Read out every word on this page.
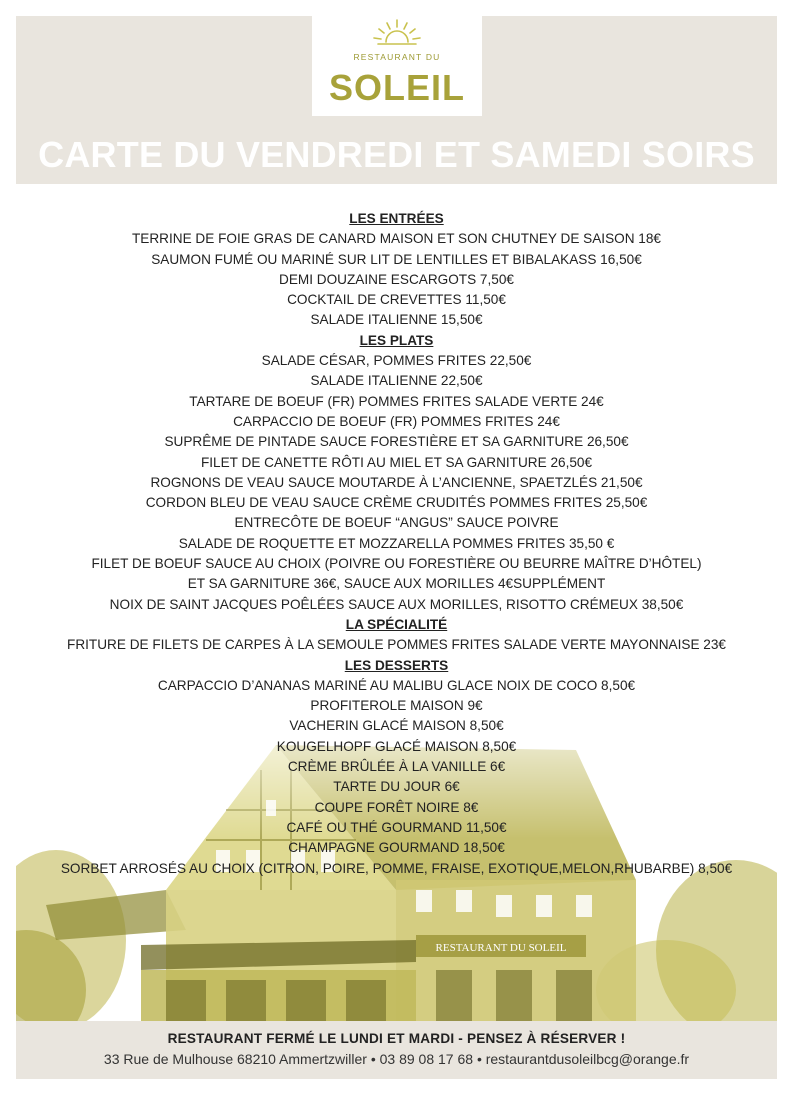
RESTAURANT DU
SOLEIL
CARTE DU VENDREDI ET SAMEDI SOIRS
LES ENTRÉES
TERRINE DE FOIE GRAS DE CANARD MAISON ET SON CHUTNEY DE SAISON 18€
SAUMON FUMÉ OU MARINÉ SUR LIT DE LENTILLES ET BIBALAKASS 16,50€
DEMI DOUZAINE ESCARGOTS 7,50€
COCKTAIL DE CREVETTES 11,50€
SALADE ITALIENNE 15,50€
LES PLATS
SALADE CÉSAR, POMMES FRITES 22,50€
SALADE ITALIENNE 22,50€
TARTARE DE BOEUF (FR) POMMES FRITES SALADE VERTE 24€
CARPACCIO DE BOEUF (FR) POMMES FRITES 24€
SUPRÊME DE PINTADE SAUCE FORESTIÈRE ET SA GARNITURE 26,50€
FILET DE CANETTE RÔTI AU MIEL ET SA GARNITURE 26,50€
ROGNONS DE VEAU SAUCE MOUTARDE À L’ANCIENNE, SPAETZLÉS 21,50€
CORDON BLEU DE VEAU SAUCE CRÈME CRUDITÉS POMMES FRITES 25,50€
ENTRECÔTE DE BOEUF “ANGUS” SAUCE POIVRE
SALADE DE ROQUETTE ET MOZZARELLA POMMES FRITES 35,50 €
FILET DE BOEUF SAUCE AU CHOIX (POIVRE OU FORESTIÈRE OU BEURRE MAÎTRE D’HÔTEL)
ET SA GARNITURE 36€, SAUCE AUX MORILLES 4€SUPPLÉMENT
NOIX DE SAINT JACQUES POÊLÉES SAUCE AUX MORILLES, RISOTTO CRÉMEUX 38,50€
LA SPÉCIALITÉ
FRITURE DE FILETS DE CARPES À LA SEMOULE POMMES FRITES SALADE VERTE MAYONNAISE 23€
LES DESSERTS
CARPACCIO D’ANANAS MARINÉ AU MALIBU GLACE NOIX DE COCO 8,50€
PROFITEROLE MAISON 9€
VACHERIN GLACÉ MAISON 8,50€
KOUGELHOPF GLACÉ MAISON 8,50€
CRÈME BRÛLÉE À LA VANILLE 6€
TARTE DU JOUR 6€
COUPE FORÊT NOIRE 8€
CAFÉ OU THÉ GOURMAND 11,50€
CHAMPAGNE GOURMAND 18,50€
SORBET ARROSÉS AU CHOIX (CITRON, POIRE, POMME, FRAISE, EXOTIQUE,MELON,RHUBARBE) 8,50€
RESTAURANT FERMÉ LE LUNDI ET MARDI - PENSEZ À RÉSERVER !
33 Rue de Mulhouse 68210 Ammertzwiller • 03 89 08 17 68 • restaurantdusoleilbcg@orange.fr
